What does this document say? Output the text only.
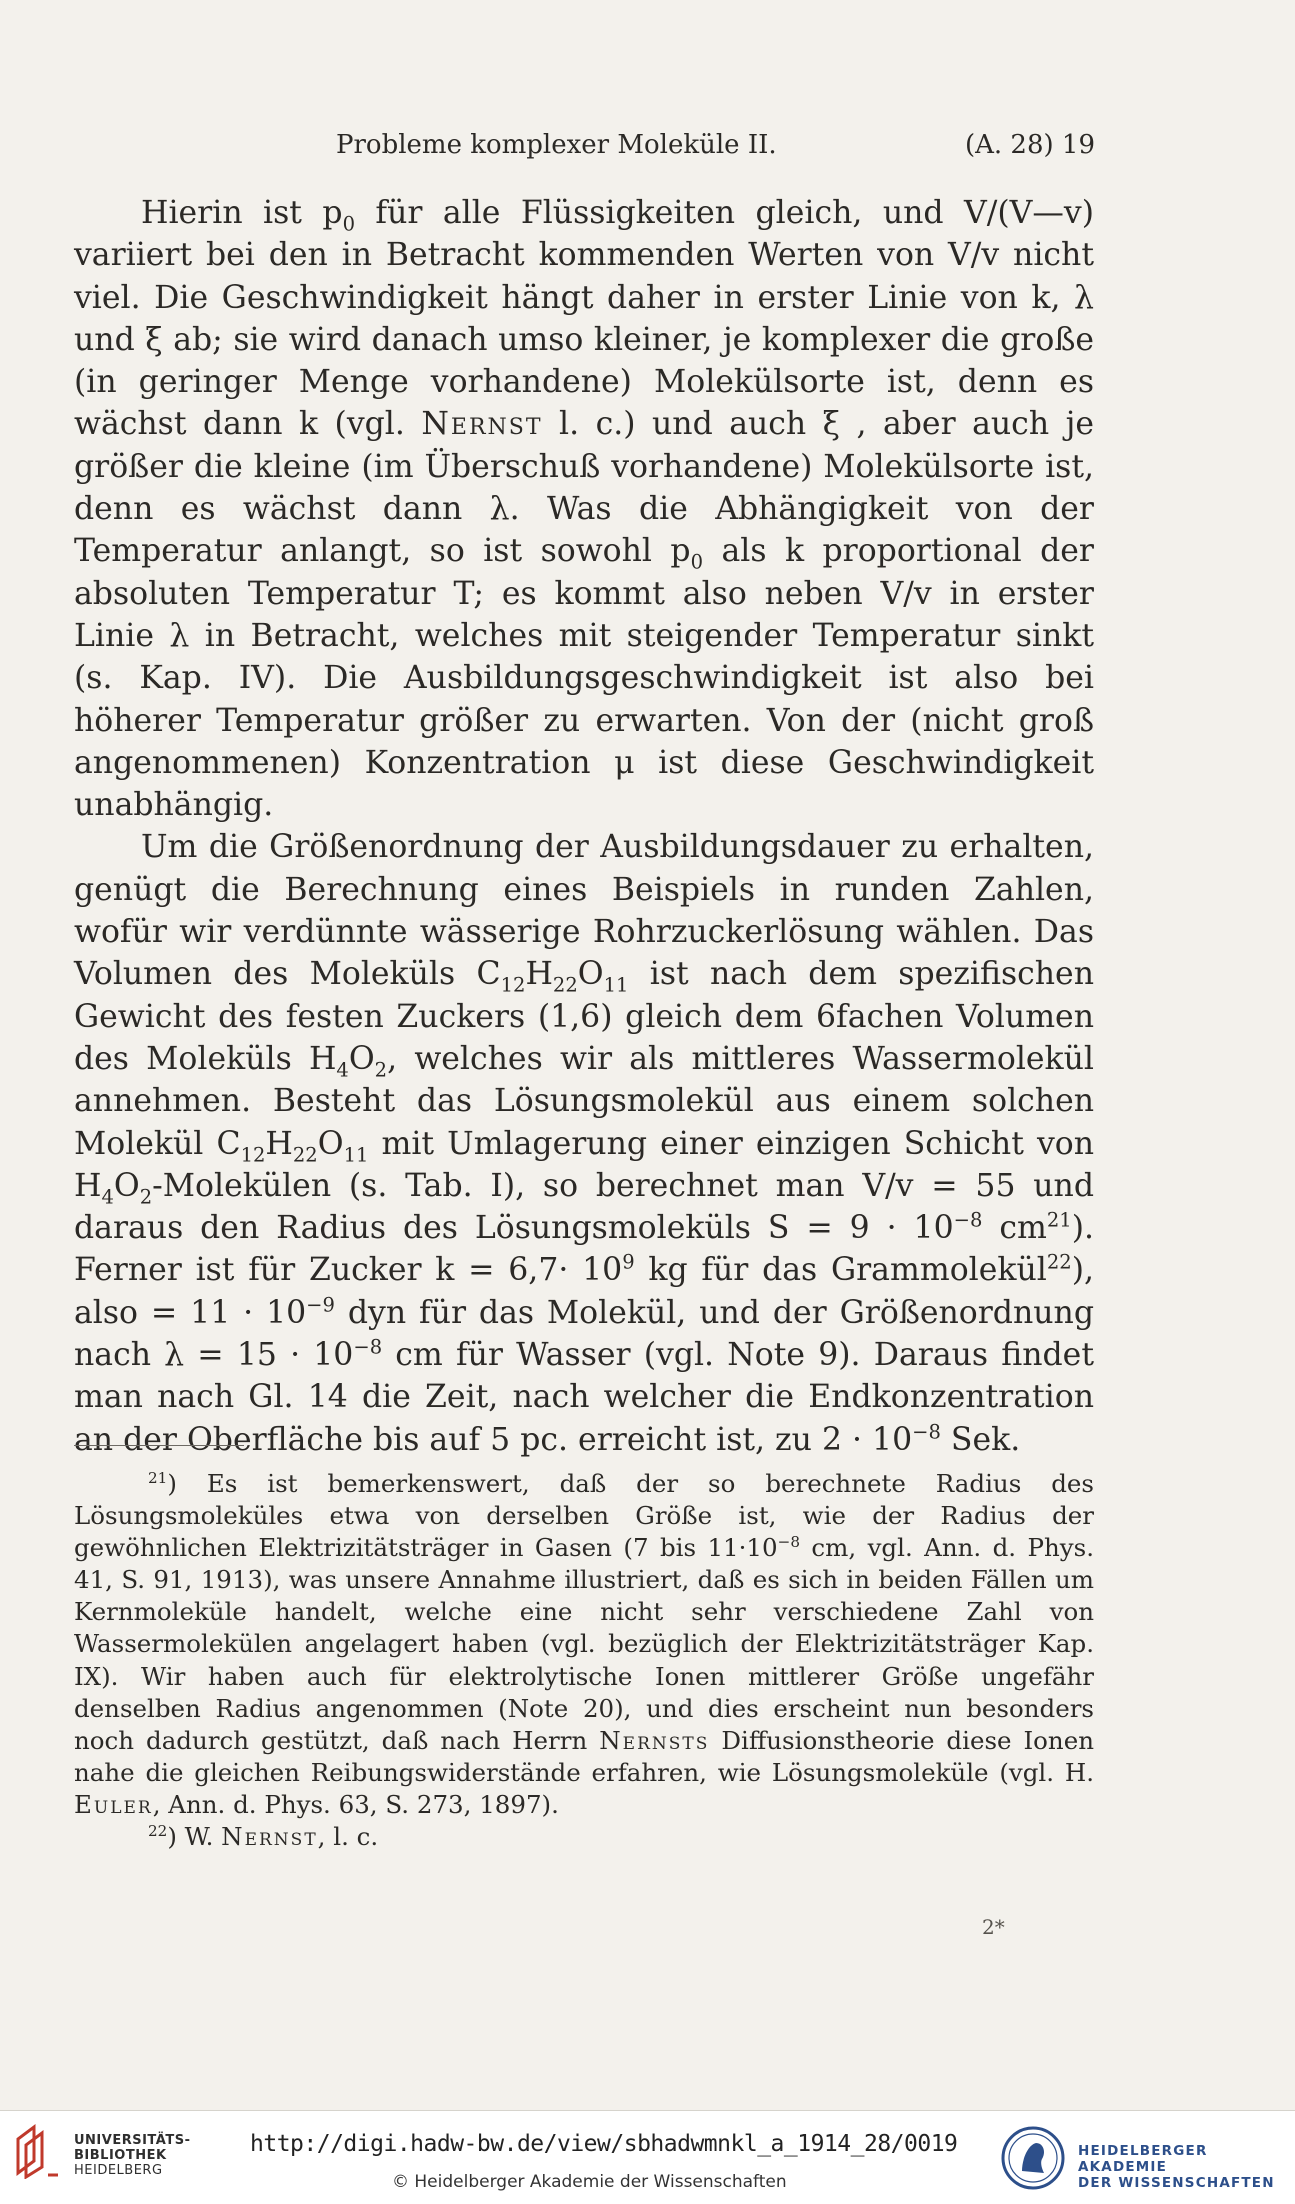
Probleme komplexer Moleküle II.	(A. 28) 19

Hierin ist $p_0$ für alle Flüssigkeiten gleich, und V/(V—v) variiert bei den in Betracht kommenden Werten von V/v nicht viel. Die Geschwindigkeit hängt daher in erster Linie von k, λ und ξ ab; sie wird danach umso kleiner, je komplexer die große (in geringer Menge vorhandene) Molekülsorte ist, denn es wächst dann k (vgl. Nernst l. c.) und auch ξ , aber auch je größer die kleine (im Überschuß vorhandene) Molekülsorte ist, denn es wächst dann λ. Was die Abhängigkeit von der Temperatur anlangt, so ist sowohl $p_0$ als k proportional der absoluten Temperatur T; es kommt also neben V/v in erster Linie λ in Betracht, welches mit steigender Temperatur sinkt (s. Kap. IV). Die Ausbildungsgeschwindigkeit ist also bei höherer Temperatur größer zu erwarten. Von der (nicht groß angenommenen) Konzentration μ ist diese Geschwindigkeit unabhängig.

Um die Größenordnung der Ausbildungsdauer zu erhalten, genügt die Berechnung eines Beispiels in runden Zahlen, wofür wir verdünnte wässerige Rohrzuckerlösung wählen. Das Volumen des Moleküls $C_{12}H_{22}O_{11}$ ist nach dem spezifischen Gewicht des festen Zuckers (1,6) gleich dem 6fachen Volumen des Moleküls $H_4O_2$, welches wir als mittleres Wassermolekül annehmen. Besteht das Lösungsmolekül aus einem solchen Molekül $C_{12}H_{22}O_{11}$ mit Umlagerung einer einzigen Schicht von $H_4O_2$-Molekülen (s. Tab. I), so berechnet man V/v = 55 und daraus den Radius des Lösungsmoleküls $S = 9 \cdot 10^{-8}$ $cm^{21}$). Ferner ist für Zucker $k = 6,7\cdot 10^9$ kg für das Grammolekül$^{22}$), also = $11 \cdot 10^{-9}$ dyn für das Molekül, und der Größenordnung nach $\lambda = 15 \cdot 10^{-8}$ cm für Wasser (vgl. Note 9). Daraus findet man nach Gl. 14 die Zeit, nach welcher die Endkonzentration an der Oberfläche bis auf 5 pc. erreicht ist, zu $2 \cdot 10^{-8}$ Sek.

$^{21}$) Es ist bemerkenswert, daß der so berechnete Radius des Lösungsmoleküles etwa von derselben Größe ist, wie der Radius der gewöhnlichen Elektrizitätsträger in Gasen (7 bis $11\cdot 10^{-8}$ cm, vgl. Ann. d. Phys. 41, S. 91, 1913), was unsere Annahme illustriert, daß es sich in beiden Fällen um Kernmoleküle handelt, welche eine nicht sehr verschiedene Zahl von Wassermolekülen angelagert haben (vgl. bezüglich der Elektrizitätsträger Kap. IX). Wir haben auch für elektrolytische Ionen mittlerer Größe ungefähr denselben Radius angenommen (Note 20), und dies erscheint nun besonders noch dadurch gestützt, daß nach Herrn Nernsts Diffusionstheorie diese Ionen nahe die gleichen Reibungswiderstände erfahren, wie Lösungsmoleküle (vgl. H. Euler, Ann. d. Phys. 63, S. 273, 1897).

$^{22}$) W. Nernst, l. c.

2*
UNIVERSITÄTS-
BIBLIOTHEK
HEIDELBERG
http://digi.hadw-bw.de/view/sbhadwmnkl_a_1914_28/0019
© Heidelberger Akademie der Wissenschaften
HEIDELBERGER AKADEMIE
DER WISSENSCHAFTEN
